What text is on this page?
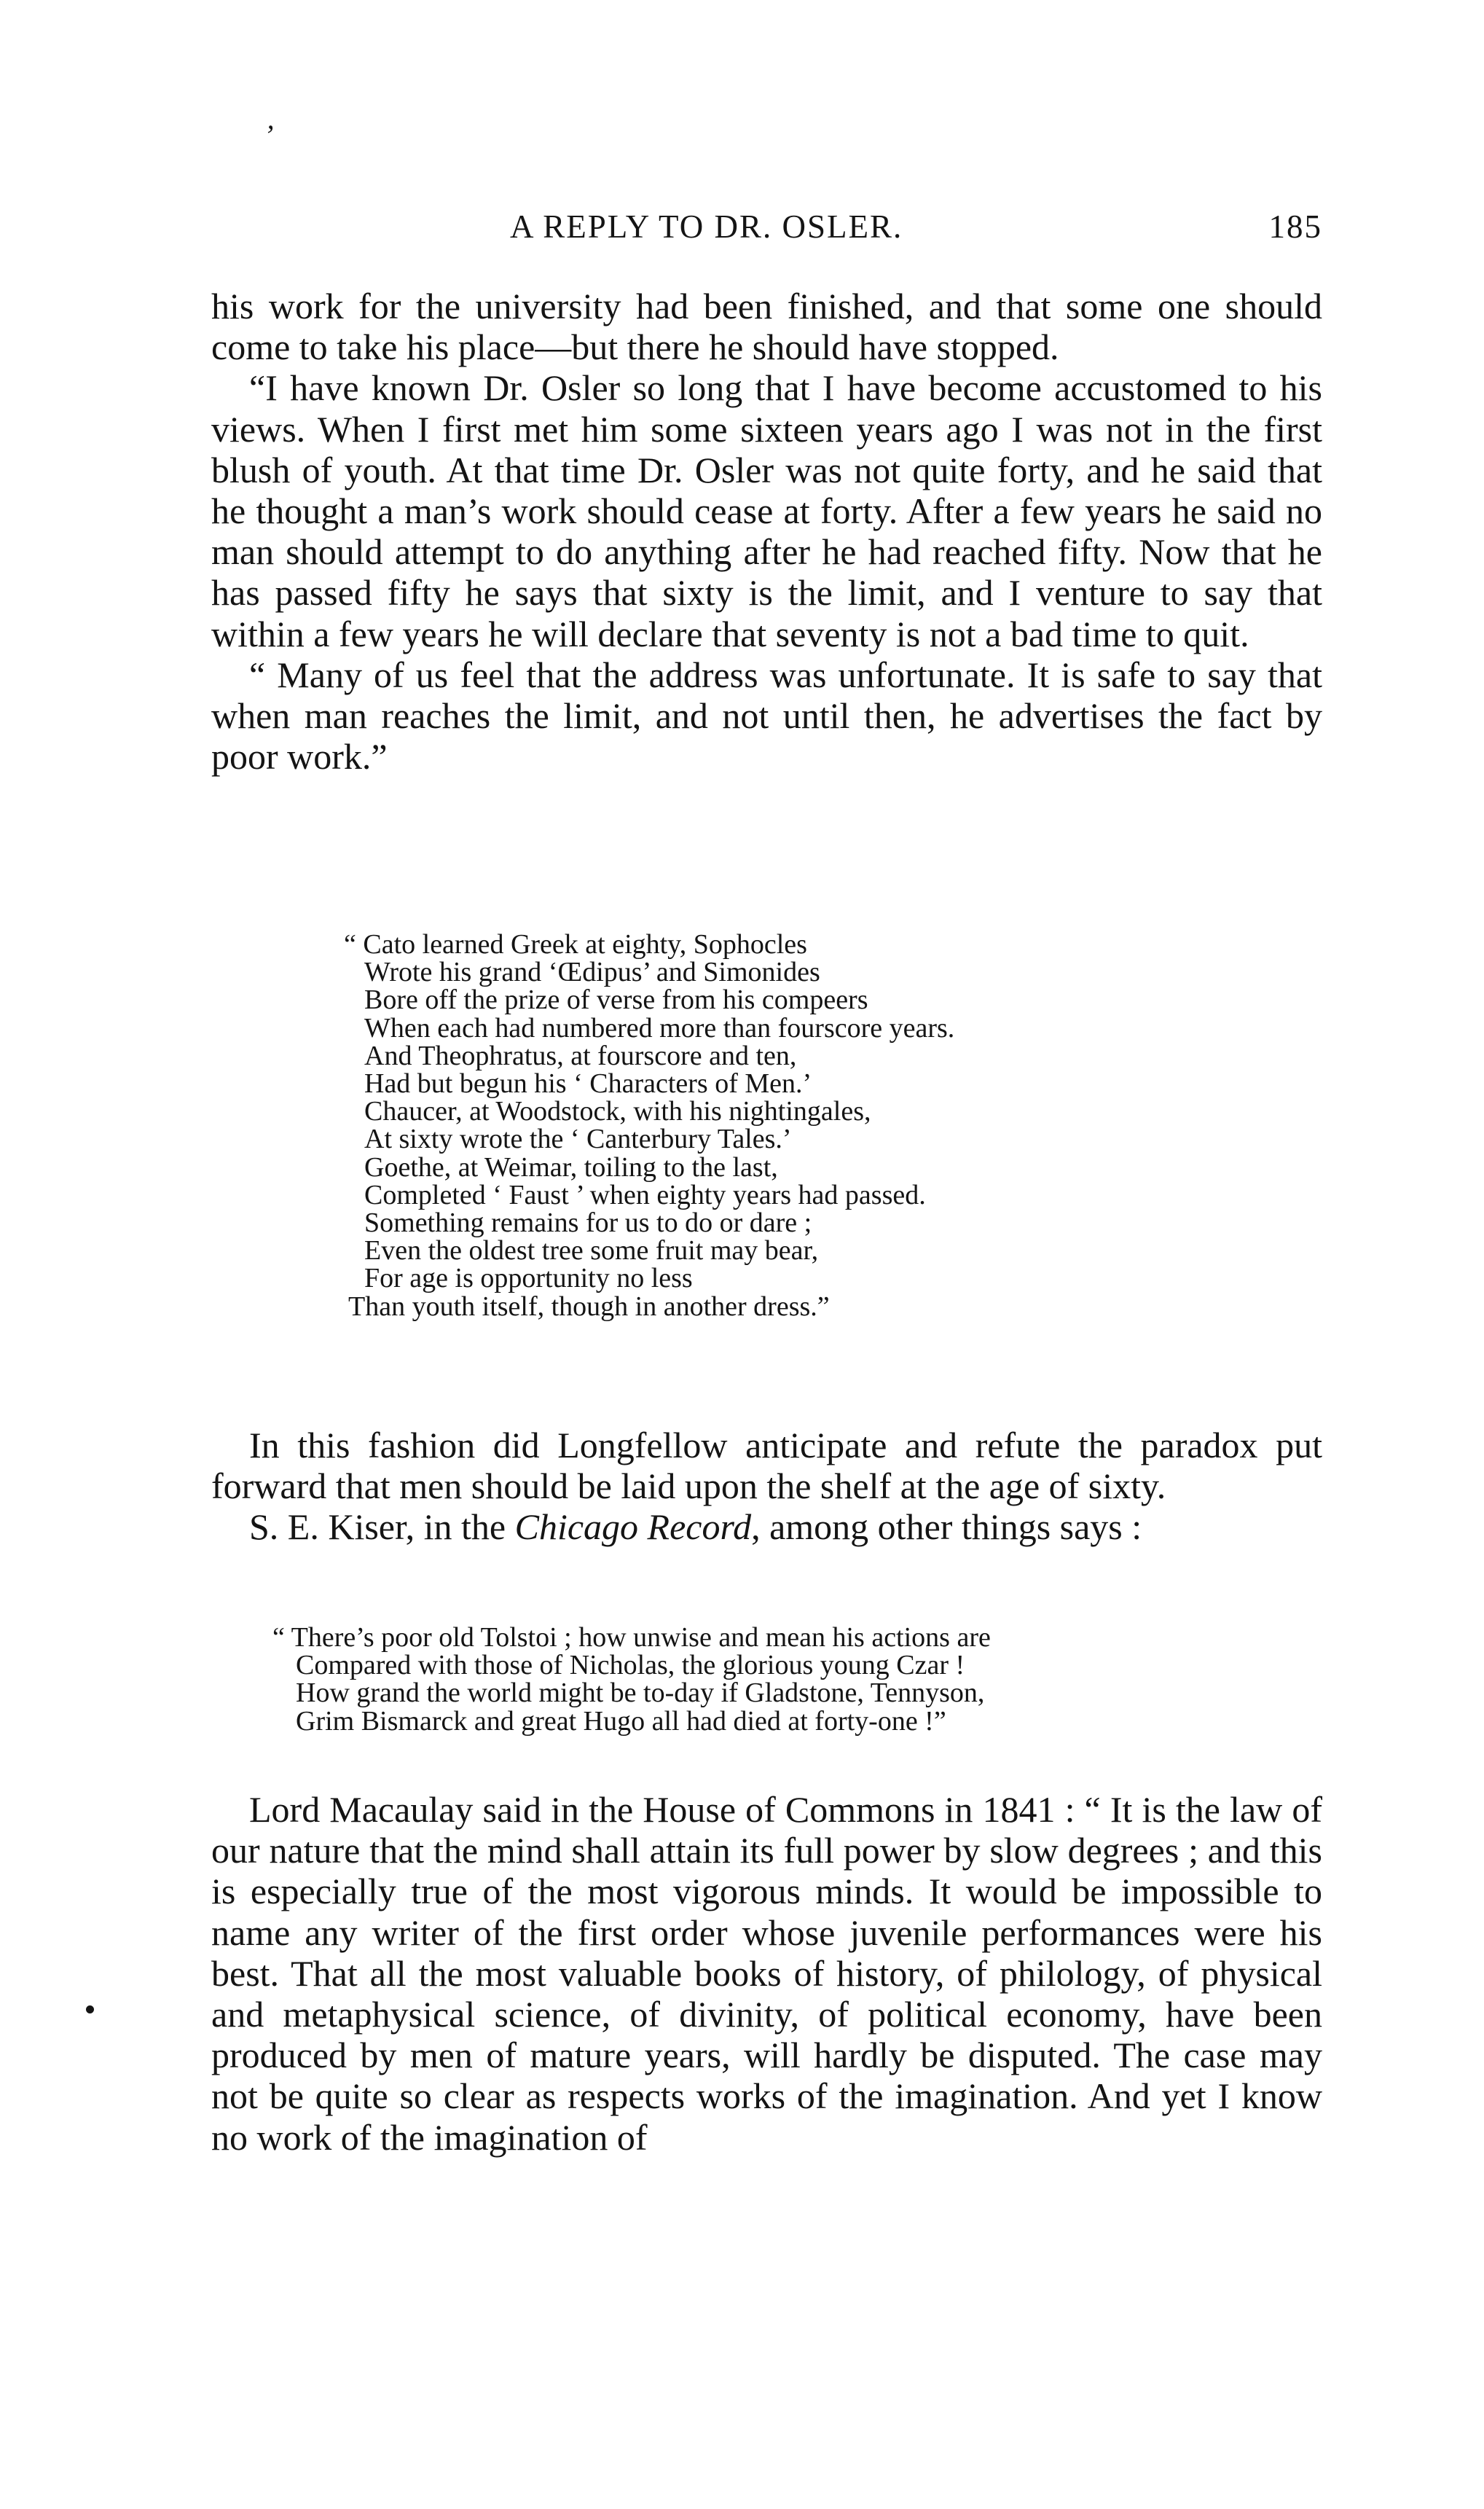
’
A REPLY TO DR. OSLER.	185

his work for the university had been finished, and that some one should come to take his place—but there he should have stopped.

“I have known Dr. Osler so long that I have become accustomed to his views. When I first met him some sixteen years ago I was not in the first blush of youth. At that time Dr. Osler was not quite forty, and he said that he thought a man’s work should cease at forty. After a few years he said no man should attempt to do anything after he had reached fifty. Now that he has passed fifty he says that sixty is the limit, and I venture to say that within a few years he will declare that seventy is not a bad time to quit.

“ Many of us feel that the address was unfortunate. It is safe to say that when man reaches the limit, and not until then, he advertises the fact by poor work.”

“ Cato learned Greek at eighty, Sophocles
Wrote his grand ‘Œdipus’ and Simonides
Bore off the prize of verse from his compeers
When each had numbered more than fourscore years.
And Theophratus, at fourscore and ten,
Had but begun his ‘ Characters of Men.’
Chaucer, at Woodstock, with his nightingales,
At sixty wrote the ‘ Canterbury Tales.’
Goethe, at Weimar, toiling to the last,
Completed ‘ Faust ’ when eighty years had passed.
Something remains for us to do or dare ;
Even the oldest tree some fruit may bear,
For age is opportunity no less
Than youth itself, though in another dress.”

In this fashion did Longfellow anticipate and refute the paradox put forward that men should be laid upon the shelf at the age of sixty.

S. E. Kiser, in the Chicago Record, among other things says :

“ There’s poor old Tolstoi ; how unwise and mean his actions are
Compared with those of Nicholas, the glorious young Czar !
How grand the world might be to-day if Gladstone, Tennyson,
Grim Bismarck and great Hugo all had died at forty-one !”

Lord Macaulay said in the House of Commons in 1841 : “ It is the law of our nature that the mind shall attain its full power by slow degrees ; and this is especially true of the most vigorous minds. It would be impossible to name any writer of the first order whose juvenile performances were his best. That all the most valuable books of history, of philology, of physical and metaphysical science, of divinity, of political economy, have been produced by men of mature years, will hardly be disputed. The case may not be quite so clear as respects works of the imagination. And yet I know no work of the imagination of
